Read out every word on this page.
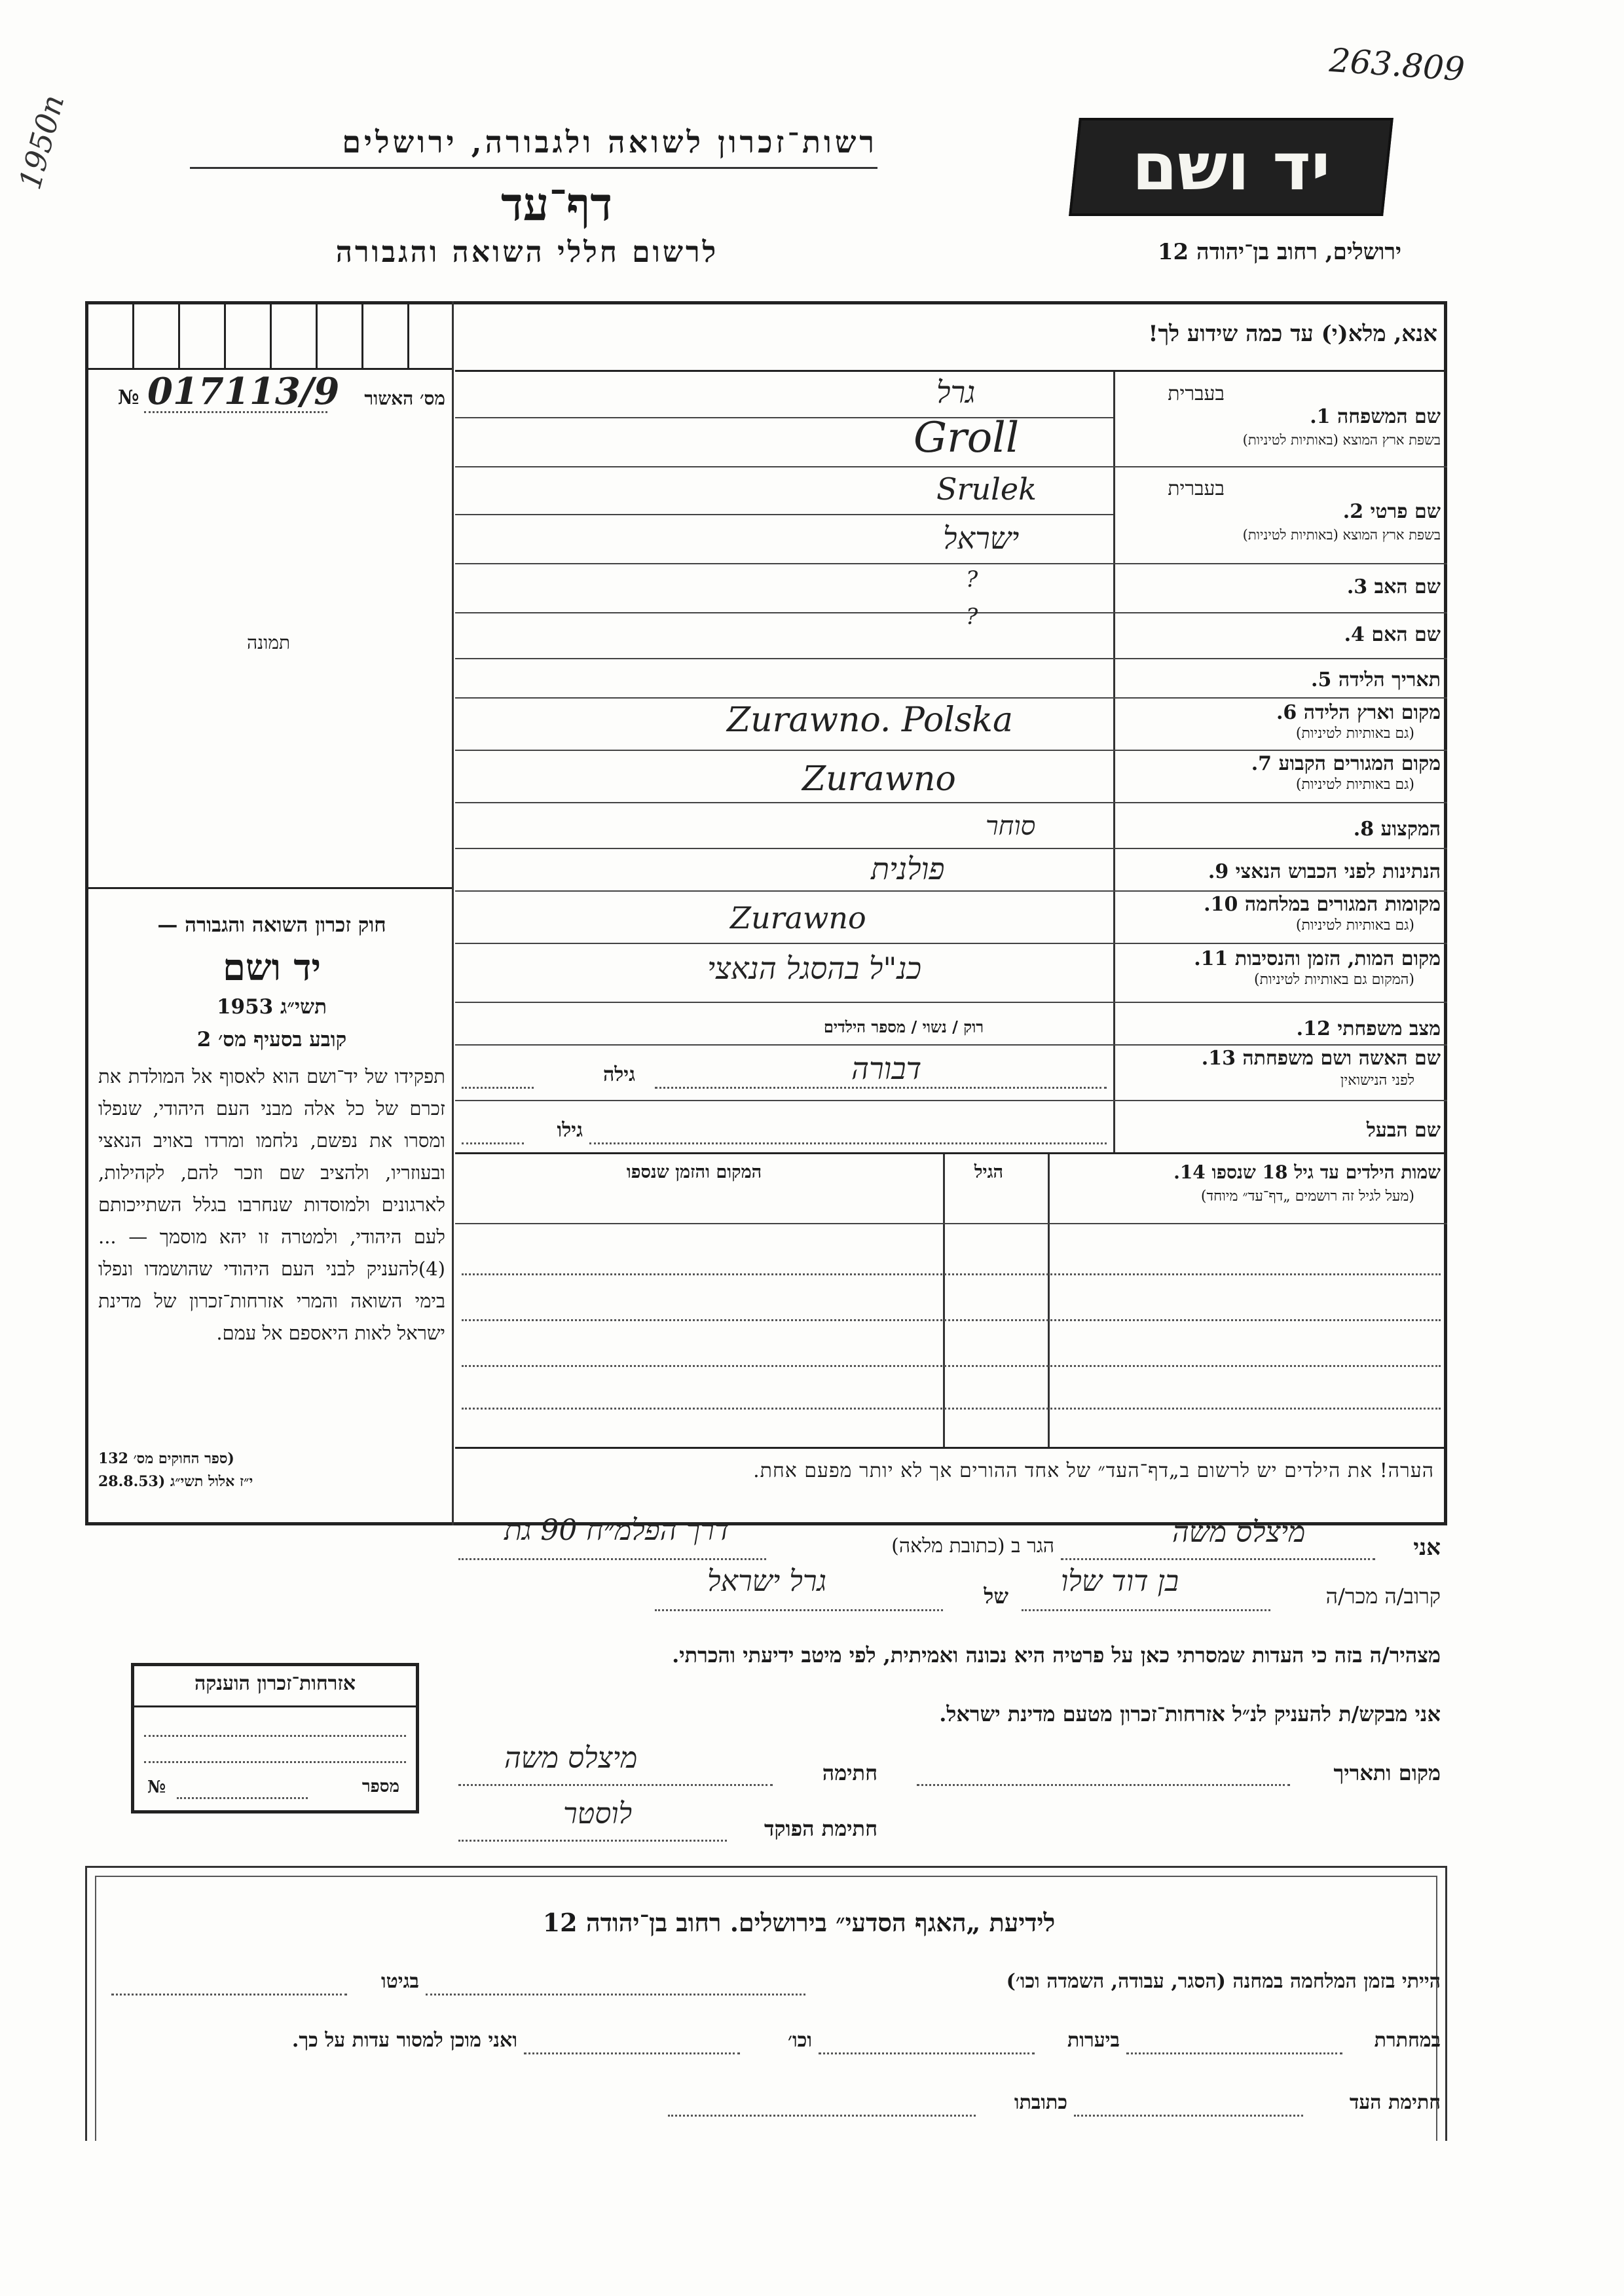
263.809
1950n	רשות־זכרון לשואה ולגבורה, ירושלים
דף־עד
לרשום חללי השואה והגבורה
יד ושם
ירושלים, רחוב בן־יהודה 12
אנא, מלא(י) עד כמה שידוע לך!
מס׳ האשור
№ 017113/9
תמונה
חוק זכרון השואה והגבורה —
יד ושם
תשי״ג 1953
קובע בסעיף מס׳ 2
תפקידו של יד־ושם הוא לאסוף אל המולדת את זכרם של כל אלה מבני העם היהודי, שנפלו ומסרו את נפשם, נלחמו ומרדו באויב הנאצי ובעוזריו, ולהציב שם וזכר להם, לקהילות, לארגונים ולמוסדות שנחרבו בגלל השתייכותם לעם היהודי, ולמטרה זו יהא מוסמך — ...(4)להעניק לבני העם היהודי שהושמדו ונפלו בימי השואה והמרי אזרחות־זכרון של מדינת ישראל לאות היאספם אל עמם.
(ספר החוקים מס׳ 132
י״ז אלול תשי״ג (28.8.53
בעברית
שם המשפחה 1.
בשפת ארץ המוצא (באותיות לטיניות)
גרל
Groll
בעברית
שם פרטי 2.
בשפת ארץ המוצא (באותיות לטיניות)
Srulek
ישראל
שם האב 3.
?
שם האם 4.
?
תאריך הלידה 5.
מקום וארץ הלידה 6.
(גם באותיות לטיניות)
Zurawno. Polska
מקום המגורים הקבוע 7.
(גם באותיות לטיניות)
Zurawno
המקצוע 8.
סוחר
הנתינות לפני הכבוש הנאצי 9.
פולנית
מקומות המגורים במלחמה 10.
(גם באותיות לטיניות)
Zurawno
מקום המות, הזמן והנסיבות 11.
(המקום גם באותיות לטיניות)
כנ"ל בהסגל הנאצי
מצב משפחתי 12.
רוק / נשוי / מספר הילדים
שם האשה ושם משפחתה 13.
לפני הנישואין
דבורה
גילה
שם הבעל
גילו
שמות הילדים עד גיל 18 שנספו 14.
(מעל לגיל זה רושמים „דף־עד״ מיוחד)
הגיל
המקום והזמן שנספו
הערה! את הילדים יש לרשום ב„דף־העד״ של אחד ההורים אך לא יותר מפעם אחת.
אני
מיצלס משה
הגר ב (כתובת מלאה)
דרך הפלמ״ח 90 גת
קרוב/ה מכר/ה
בן דוד שלו
של
גרל ישראל
מצהיר/ה בזה כי העדות שמסרתי כאן על פרטיה היא נכונה ואמיתית, לפי מיטב ידיעתי והכרתי.
אני מבקש/ת להעניק לנ״ל אזרחות־זכרון מטעם מדינת ישראל.
מקום ותאריך
חתימה
מיצלס משה
חתימת הפוקד
לוסטר
אזרחות־זכרון הוענקה
מספר
№
לידיעת „האגף הסדעי״ בירושלים. רחוב בן־יהודה 12
הייתי בזמן המלחמה במחנה (הסגר, עבודה, השמדה וכו׳)
בגיטו
במחתרת
ביערות
וכו׳
ואני מוכן למסור עדות על כך.
חתימת העד
כתובתו
